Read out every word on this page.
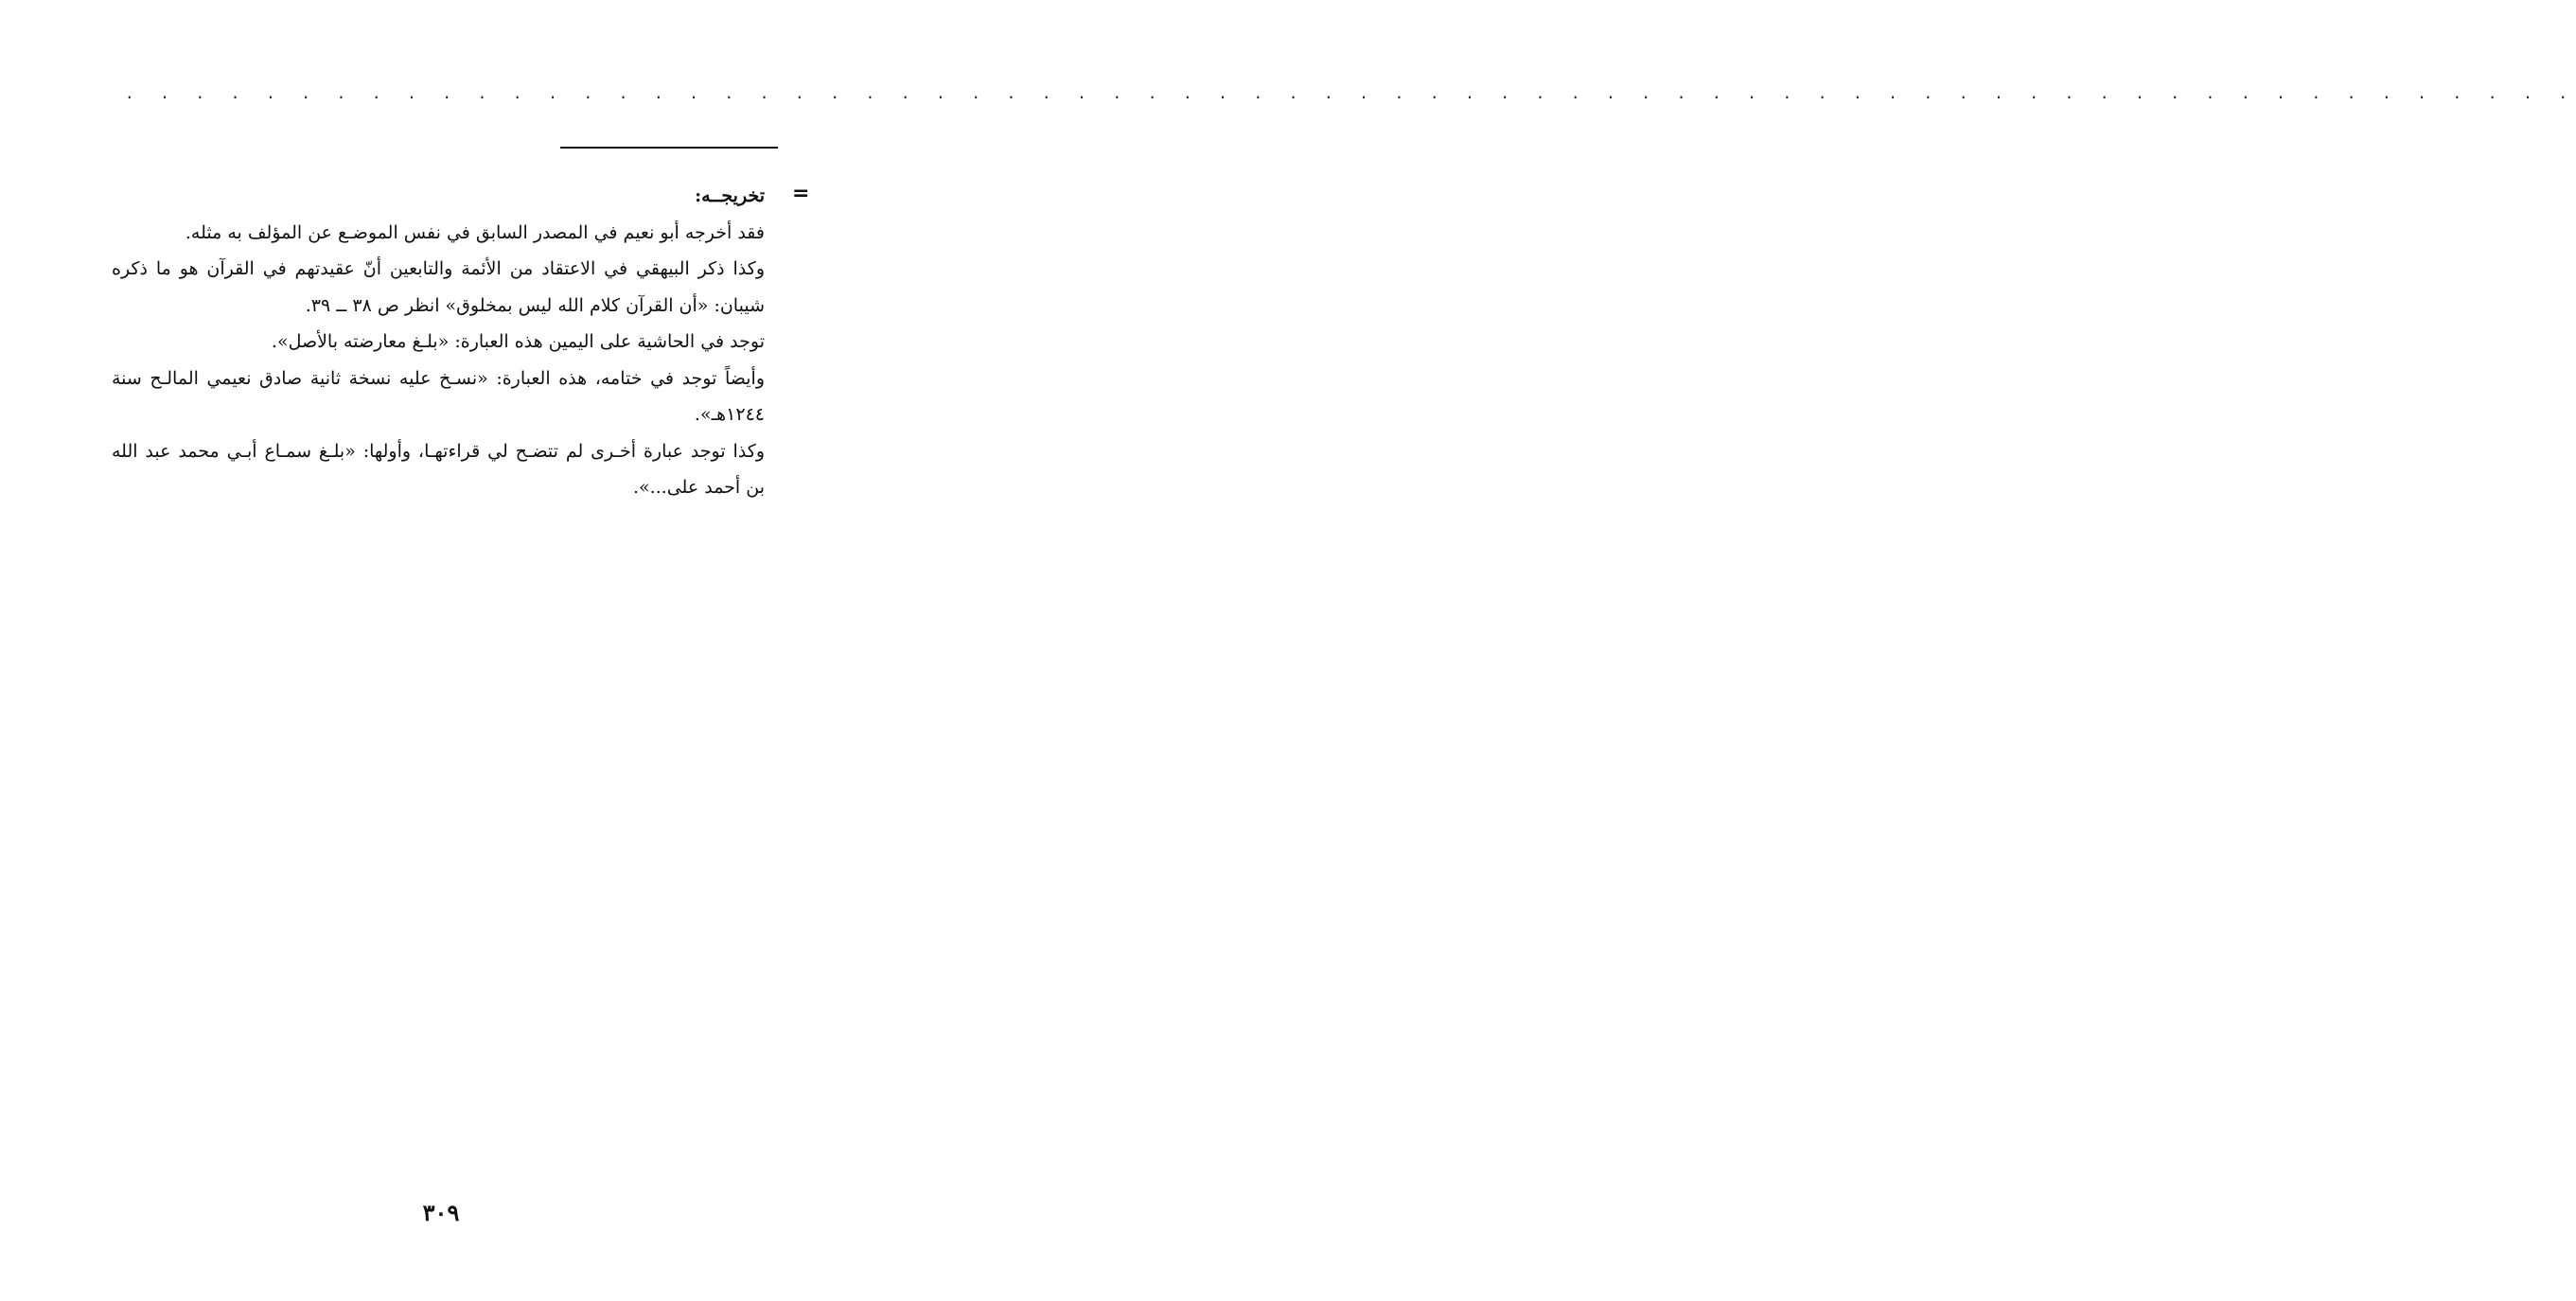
. . . . . . . . . . . . . . . . . . . . . . . . . . . . . . . . . . . . . . . . . . . . . . . . . . . . . . . . . . . . . . . . . . . . . .
=

تخريجــه:

فقد أخرجه أبو نعيم في المصدر السابق في نفس الموضـع عن المؤلف به مثله.

وكذا ذكر البيهقي في الاعتقاد من الأئمة والتابعين أنّ عقيدتهم في القرآن هو ما ذكره شيبان: «أن القرآن كلام الله ليس بمخلوق» انظر ص ٣٨ ــ ٣٩.

توجد في الحاشية على اليمين هذه العبارة: «بلـغ معارضته بالأصل».

وأيضاً توجد في ختامه، هذه العبارة: «نسـخ عليه نسخة ثانية صادق نعيمي المالـح سنة ١٢٤٤هـ».

وكذا توجد عبارة أخـرى لم تتضـح لي قراءتهـا، وأولها: «بلـغ سمـاع أبـي محمد عبد الله بن أحمد على...».

٣٠٩
